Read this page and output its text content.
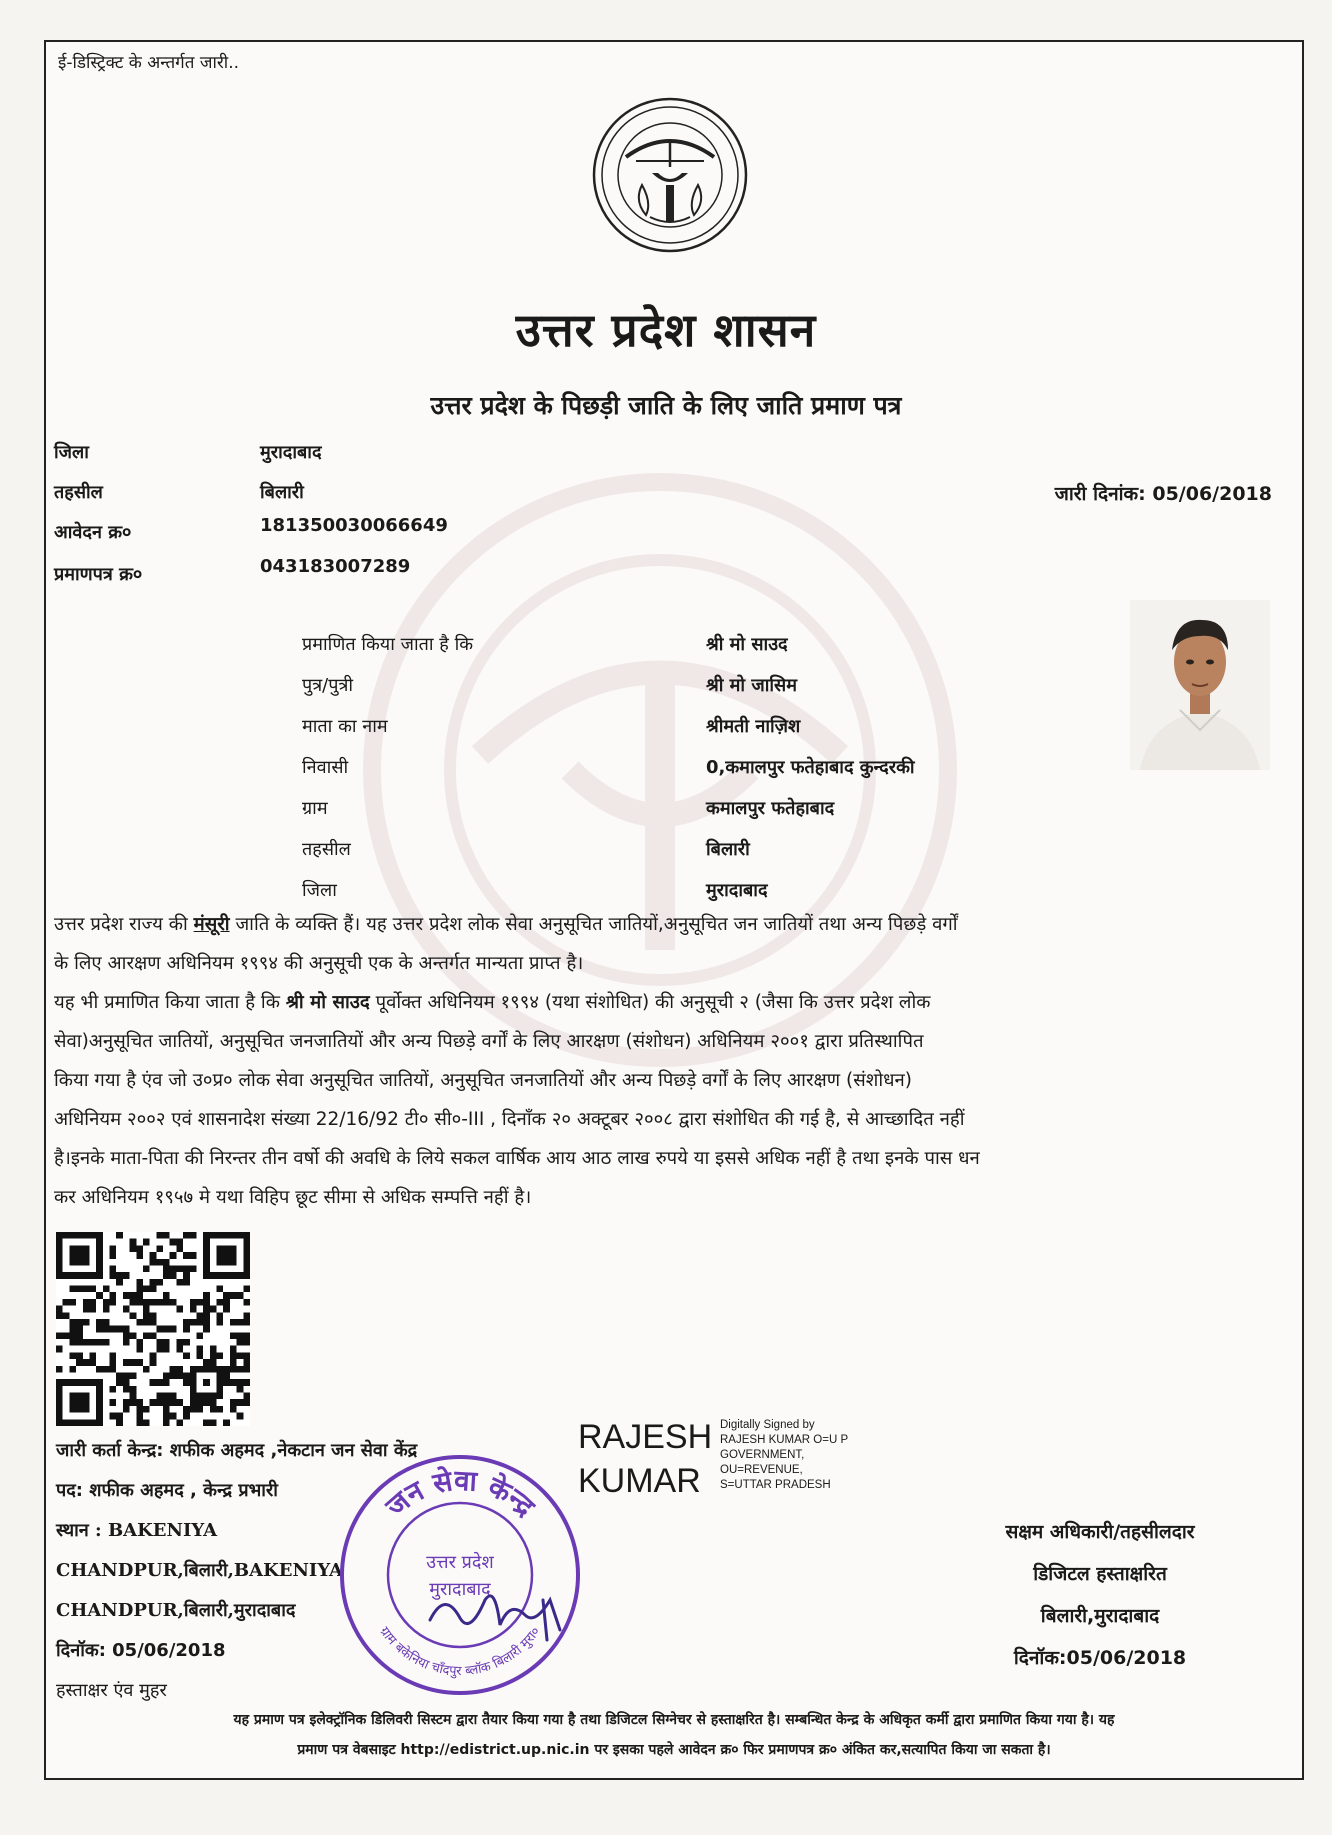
ई-डिस्ट्रिक्ट के अन्तर्गत जारी..
उत्तर प्रदेश शासन
उत्तर प्रदेश के पिछड़ी जाति के लिए जाति प्रमाण पत्र
जिला	मुरादाबाद
तहसील	बिलारी
आवेदन क्र०	181350030066649
प्रमाणपत्र क्र०	043183007289
जारी दिनांक: 05/06/2018
प्रमाणित किया जाता है कि	श्री मो साउद
पुत्र/पुत्री	श्री मो जासिम
माता का नाम	श्रीमती नाज़िश
निवासी	0,कमालपुर फतेहाबाद कुन्दरकी
ग्राम	कमालपुर फतेहाबाद
तहसील	बिलारी
जिला	मुरादाबाद
उत्तर प्रदेश राज्य की मंसूरी जाति के व्यक्ति हैं। यह उत्तर प्रदेश लोक सेवा अनुसूचित जातियों,अनुसूचित जन जातियों तथा अन्य पिछड़े वर्गों
के लिए आरक्षण अधिनियम १९९४ की अनुसूची एक के अन्तर्गत मान्यता प्राप्त है।
यह भी प्रमाणित किया जाता है कि श्री मो साउद पूर्वोक्त अधिनियम १९९४ (यथा संशोधित) की अनुसूची २ (जैसा कि उत्तर प्रदेश लोक
सेवा)अनुसूचित जातियों, अनुसूचित जनजातियों और अन्य पिछड़े वर्गों के लिए आरक्षण (संशोधन) अधिनियम २००१ द्वारा प्रतिस्थापित
किया गया है एंव जो उ०प्र० लोक सेवा अनुसूचित जातियों, अनुसूचित जनजातियों और अन्य पिछड़े वर्गों के लिए आरक्षण (संशोधन)
अधिनियम २००२ एवं शासनादेश संख्या 22/16/92 टी० सी०-III , दिनाँक २० अक्टूबर २००८ द्वारा संशोधित की गई है, से आच्छादित नहीं
है।इनके माता-पिता की निरन्तर तीन वर्षो की अवधि के लिये सकल वार्षिक आय आठ लाख रुपये या इससे अधिक नहीं है तथा इनके पास धन
कर अधिनियम १९५७ मे यथा विहिप छूट सीमा से अधिक सम्पत्ति नहीं है।
जारी कर्ता केन्द्र: शफीक अहमद ,नेकटान जन सेवा केंद्र
पद: शफीक अहमद , केन्द्र प्रभारी
स्थान : BAKENIYA
CHANDPUR,बिलारी,BAKENIYA
CHANDPUR,बिलारी,मुरादाबाद
दिनॉक: 05/06/2018
हस्ताक्षर एंव मुहर
RAJESH
KUMAR
Digitally Signed by
RAJESH KUMAR O=U P
GOVERNMENT,
OU=REVENUE,
S=UTTAR PRADESH
जन सेवा केन्द्र
ग्राम बकेनिया चाँदपुर ब्लॉक बिलारी मुरा०
उत्तर प्रदेश
मुरादाबाद
सक्षम अधिकारी/तहसीलदार
डिजिटल हस्ताक्षरित
बिलारी,मुरादाबाद
दिनॉक:05/06/2018
यह प्रमाण पत्र इलेक्ट्रॉनिक डिलिवरी सिस्टम द्वारा तैयार किया गया है तथा डिजिटल सिग्नेचर से हस्ताक्षरित है। सम्बन्धित केन्द्र के अधिकृत कर्मी द्वारा प्रमाणित किया गया है। यह
प्रमाण पत्र वेबसाइट http://edistrict.up.nic.in पर इसका पहले आवेदन क्र० फिर प्रमाणपत्र क्र० अंकित कर,सत्यापित किया जा सकता है।
